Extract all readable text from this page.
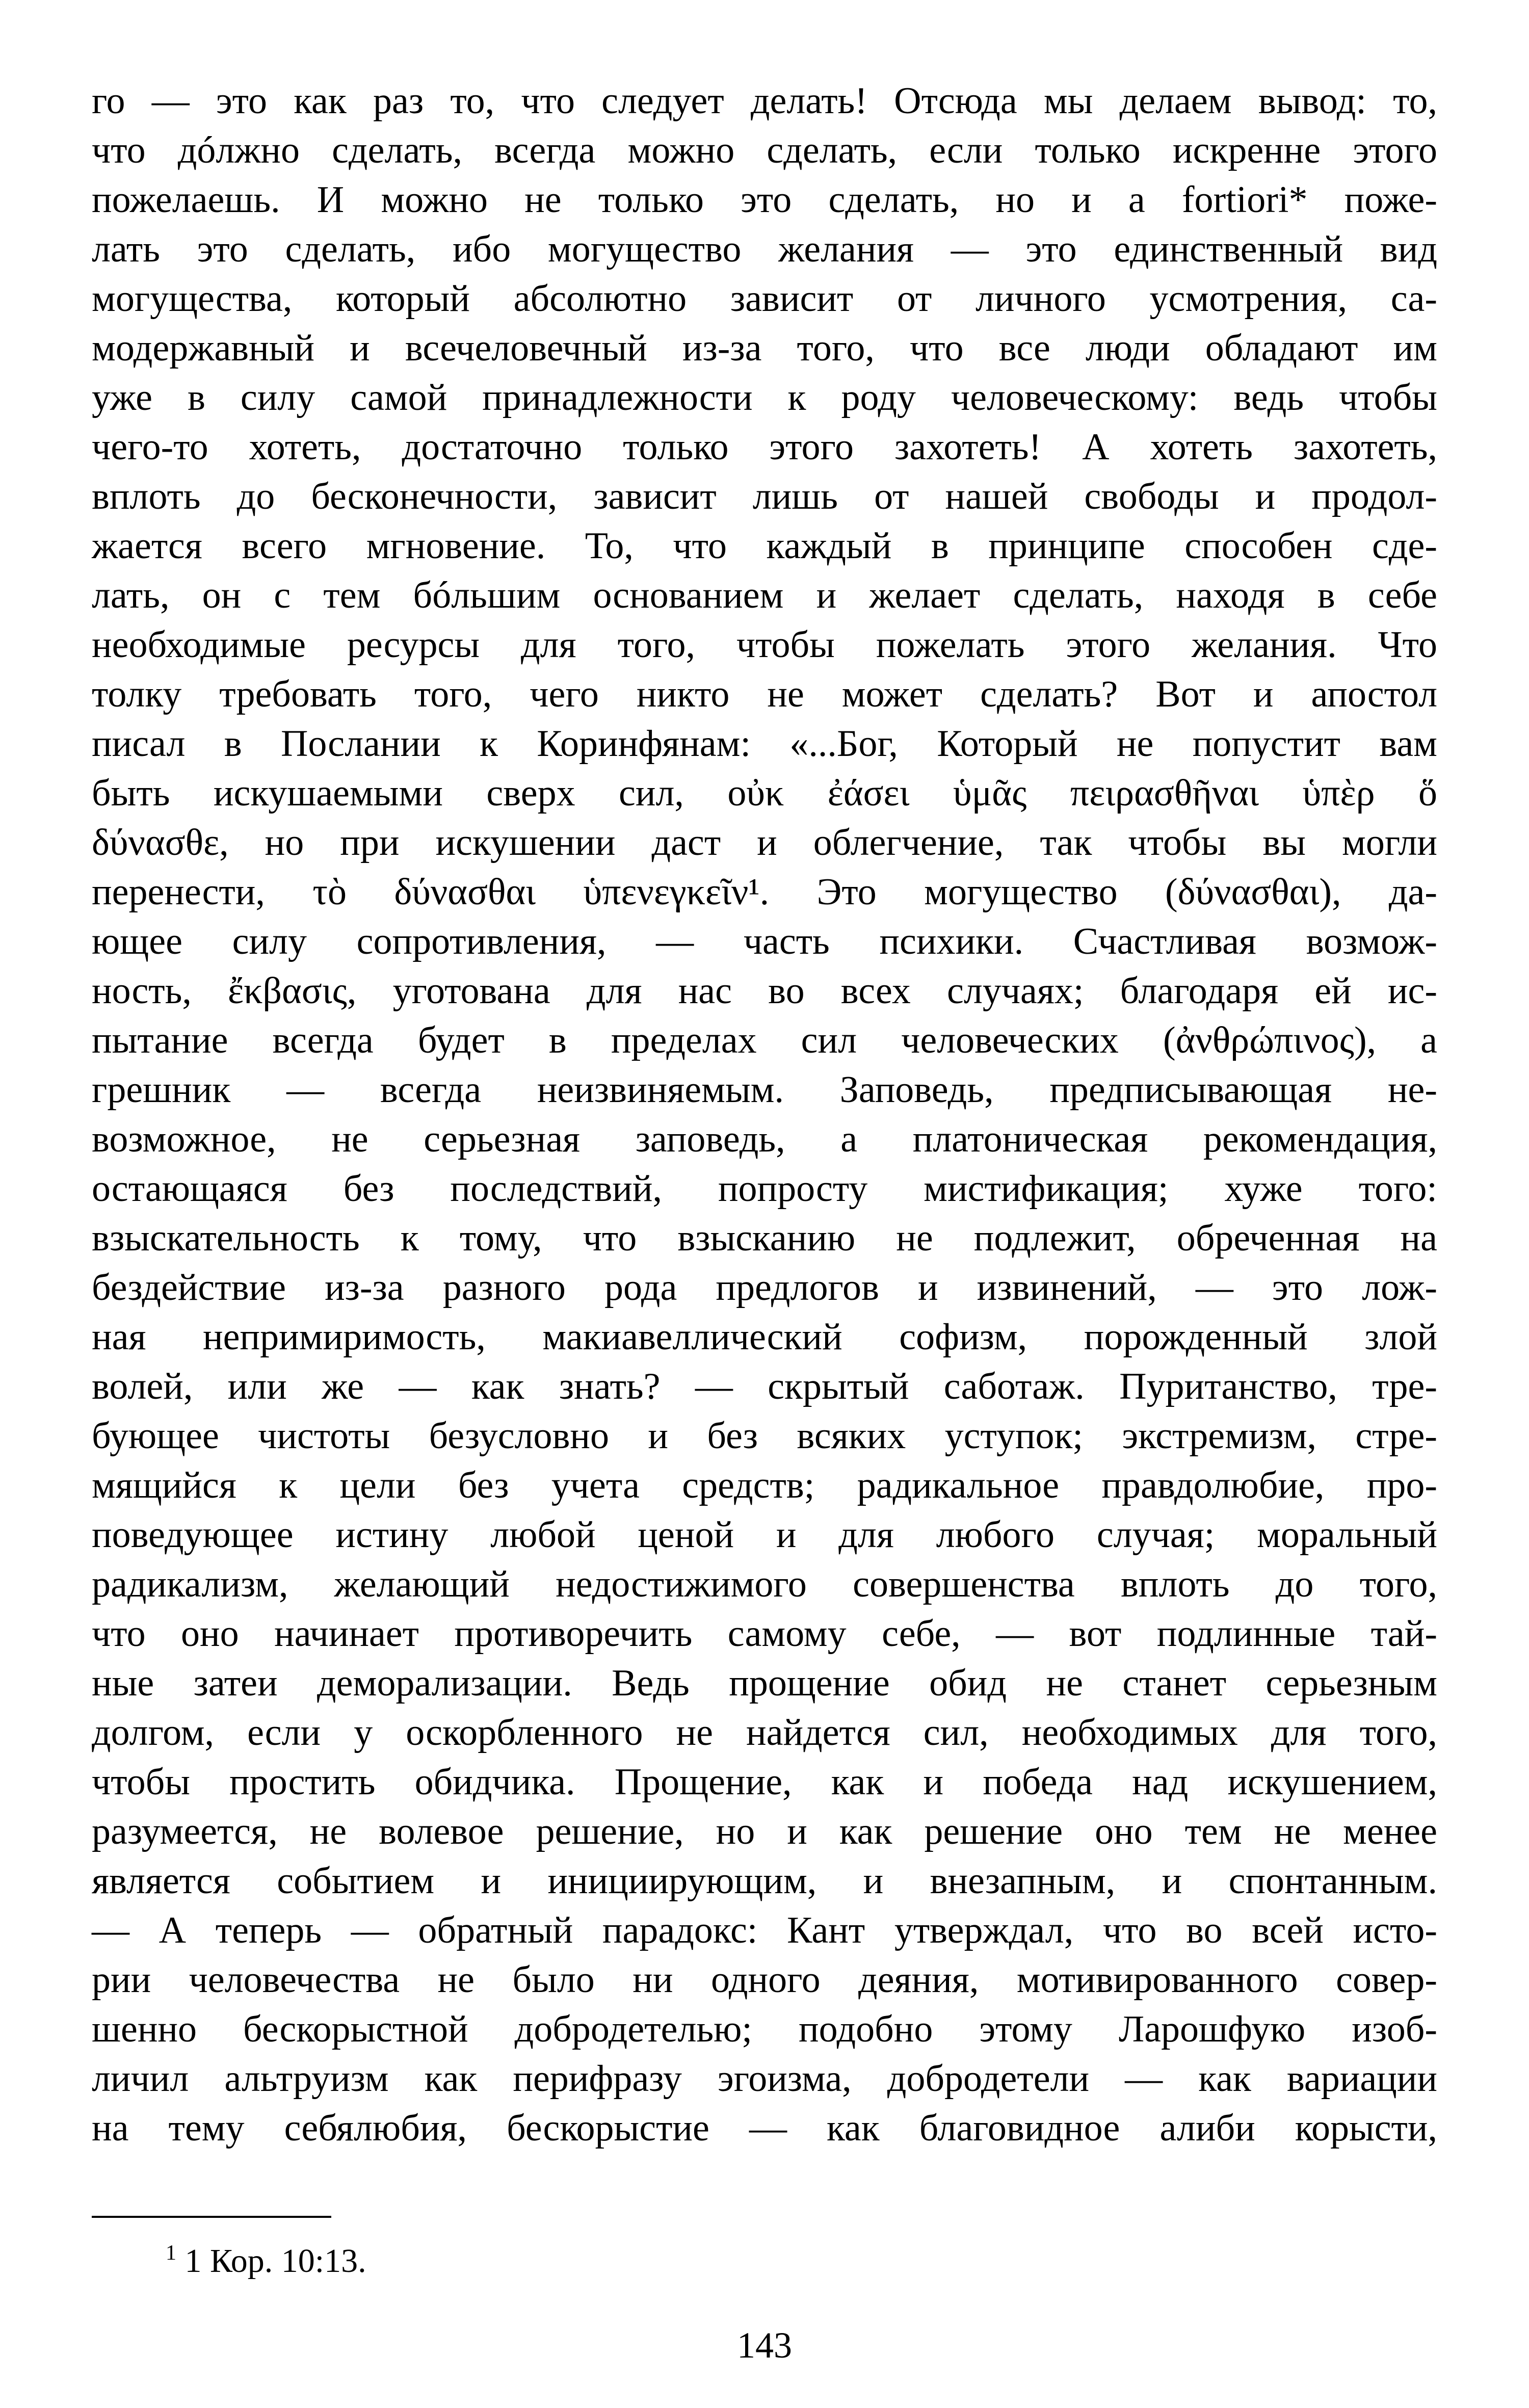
го — это как раз то, что следует делать! Отсюда мы делаем вывод: то,
что дóлжно сделать, всегда можно сделать, если только искренне этого
пожелаешь. И можно не только это сделать, но и a fortiori* поже-
лать это сделать, ибо могущество желания — это единственный вид
могущества, который абсолютно зависит от личного усмотрения, са-
модержавный и всечеловечный из-за того, что все люди обладают им
уже в силу самой принадлежности к роду человеческому: ведь чтобы
чего-то хотеть, достаточно только этого захотеть! А хотеть захотеть,
вплоть до бесконечности, зависит лишь от нашей свободы и продол-
жается всего мгновение. То, что каждый в принципе способен сде-
лать, он с тем бóльшим основанием и желает сделать, находя в себе
необходимые ресурсы для того, чтобы пожелать этого желания. Что
толку требовать того, чего никто не может сделать? Вот и апостол
писал в Послании к Коринфянам: «...Бог, Который не попустит вам
быть искушаемыми сверх сил, οὐκ ἐάσει ὑμᾶς πειρασθῆναι ὑπὲρ ὅ
δύνασθε, но при искушении даст и облегчение, так чтобы вы могли
перенести, τὸ δύνασθαι ὑπενεγκεῖν¹. Это могущество (δύνασθαι), да-
ющее силу сопротивления, — часть психики. Счастливая возмож-
ность, ἔκβασις, уготована для нас во всех случаях; благодаря ей ис-
пытание всегда будет в пределах сил человеческих (ἀνθρώπινος), а
грешник — всегда неизвиняемым. Заповедь, предписывающая не-
возможное, не серьезная заповедь, а платоническая рекомендация,
остающаяся без последствий, попросту мистификация; хуже того:
взыскательность к тому, что взысканию не подлежит, обреченная на
бездействие из-за разного рода предлогов и извинений, — это лож-
ная непримиримость, макиавеллический софизм, порожденный злой
волей, или же — как знать? — скрытый саботаж. Пуританство, тре-
бующее чистоты безусловно и без всяких уступок; экстремизм, стре-
мящийся к цели без учета средств; радикальное правдолюбие, про-
поведующее истину любой ценой и для любого случая; моральный
радикализм, желающий недостижимого совершенства вплоть до того,
что оно начинает противоречить самому себе, — вот подлинные тай-
ные затеи деморализации. Ведь прощение обид не станет серьезным
долгом, если у оскорбленного не найдется сил, необходимых для того,
чтобы простить обидчика. Прощение, как и победа над искушением,
разумеется, не волевое решение, но и как решение оно тем не менее
является событием и инициирующим, и внезапным, и спонтанным.
— А теперь — обратный парадокс: Кант утверждал, что во всей исто-
рии человечества не было ни одного деяния, мотивированного совер-
шенно бескорыстной добродетелью; подобно этому Ларошфуко изоб-
личил альтруизм как перифразу эгоизма, добродетели — как вариации
на тему себялюбия, бескорыстие — как благовидное алиби корысти,
$^1$ 1 Кор. 10:13.
143
